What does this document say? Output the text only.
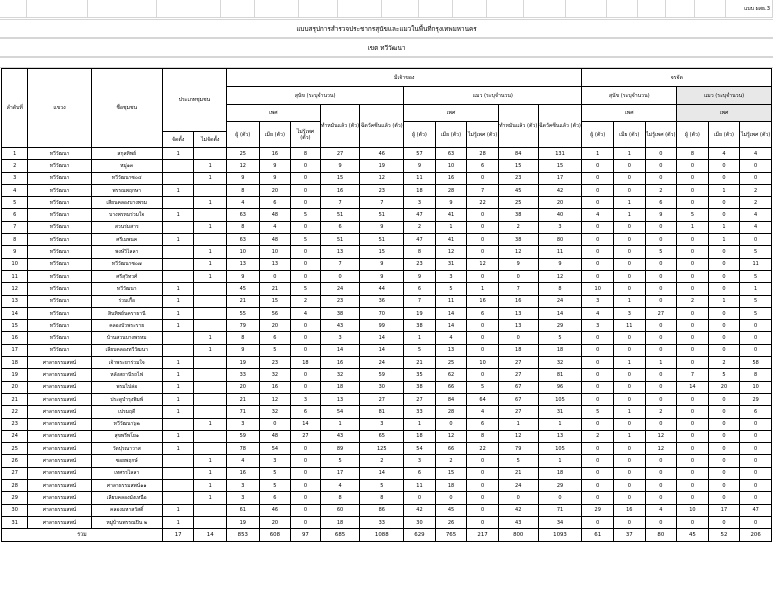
แบบ ผสธ.3
แบบสรุปการสำรวจประชากรสุนัขและแมวในพื้นที่กรุงเทพมหานคร
เขต ทวีวัฒนา
ลำดับที่	แขวง	ชื่อชุมชน	ประเภทชุมชน		มีเจ้าของ										จรจัด					
					สุนัข (ระบุจำนวน)					แมว (ระบุจำนวน)					สุนัข (ระบุจำนวน)			แมว (ระบุจำนวน)		
					เพศ			ทำหมันแล้ว (ตัว)	ฉีดวัคซีนแล้ว (ตัว)	เพศ			ทำหมันแล้ว (ตัว)	ฉีดวัคซีนแล้ว (ตัว)	เพศ			เพศ		
					ผู้ (ตัว)	เมีย (ตัว)	ไม่รู้เพศ (ตัว)			ผู้ (ตัว)	เมีย (ตัว)	ไม่รู้เพศ (ตัว)			ผู้ (ตัว)	เมีย (ตัว)	ไม่รู้เพศ (ตัว)	ผู้ (ตัว)	เมีย (ตัว)	ไม่รู้เพศ (ตัว)
			จัดตั้ง	ไม่จัดตั้ง																
1	ทวีวัฒนา	สกุลทิพย์	1		25	16	8	27	46	57	63	28	84	131	1	1	0	8	4	4
2	ทวีวัฒนา	หมู่๑๓		1	12	9	0	9	19	9	10	6	15	15	0	0	0	0	0	0
3	ทวีวัฒนา	ทวีวัฒนาซ๐๔		1	9	9	0	15	12	11	16	0	23	17	0	0	0	0	0	0
4	ทวีวัฒนา	พรรณพฤกษา	1		8	20	0	16	23	18	28	7	45	42	0	0	2	0	1	2
5	ทวีวัฒนา	เสียนคลองบางพรม		1	4	6	0	7	7	3	9	22	25	20	0	1	6	0	0	2
6	ทวีวัฒนา	บางพรหมร่วมใจ	1		63	48	5	51	51	47	41	0	38	40	4	1	9	5	0	4
7	ทวีวัฒนา	สวนร่มสาร		1	8	4	0	6	9	2	1	0	2	3	0	0	0	1	1	4
8	ทวีวัฒนา	ศรีเมพนค	1		63	48	5	51	51	47	41	0	38	80	0	0	0	0	1	0
9	ทวีวัฒนา	พงษ์วิไลลา		1	10	10	0	13	15	8	12	0	12	11	0	0	5	0	0	5
10	ทวีวัฒนา	ทวีวัฒนาซ๐๗		1	13	13	0	7	9	23	31	12	9	9	0	0	0	0	0	11
11	ทวีวัฒนา	ศรีสุวิทวศ์		1	9	0	0	0	9	9	3	0	0	12	0	0	0	0	0	5
12	ทวีวัฒนา	ทวีวัฒนา	1		45	21	5	24	44	6	5	1	7	8	10	0	0	0	0	1
13	ทวีวัฒนา	ร่วมเกื้อ	1		21	15	2	23	36	7	11	16	16	24	3	1	0	2	1	5
14	ทวีวัฒนา	สินทิพย์นคราธานี	1		55	56	4	38	70	19	14	6	13	14	4	3	27	0	0	5
15	ทวีวัฒนา	คลองบัวพระราย	1		79	20	0	43	99	38	14	0	13	29	3	11	0	0	0	0
16	ทวีวัฒนา	บ้านสวนบางพรหม		1	8	6	0	3	14	1	4	0	0	5	0	0	0	0	0	0
17	ทวีวัฒนา	เลียบคลองทวีวัฒนา		1	9	5	0	14	14	5	13	0	18	18	0	0	0	0	0	0
18	ศาลาธรรมสพน์	เจ้าพระยาร่วมใจ	1		19	23	18	16	24	21	25	10	27	32	0	1	1	0	2	58
19	ศาลาธรรมสพน์	หลังสถานีรถไฟ	1		33	32	0	32	59	35	62	0	27	81	0	0	0	7	5	8
20	ศาลาธรรมสพน์	พรมไปล่อ	1		20	16	0	18	30	38	66	5	67	96	0	0	0	14	20	10
21	ศาลาธรรมสพน์	ประดูบำรุงพิมพ์	1		21	12	3	13	27	27	84	64	67	105	0	0	0	0	0	29
22	ศาลาธรรมสพน์	เปรมฤดี	1		71	32	6	54	81	33	28	4	27	31	5	1	2	0	0	6
23	ศาลาธรรมสพน์	ทวีวัฒนา๖๒		1	3	0	14	1	3	1	0	6	1	1	0	0	0	0	0	0
24	ศาลาธรรมสพน์	สุขพรีพโย๑	1		59	48	27	43	65	18	12	8	12	13	2	1	12	0	0	0
25	ศาลาธรรมสพน์	วัดปุรณาวาส	1		78	54	0	89	125	54	66	22	79	105	0	0	12	0	0	0
26	ศาลาธรรมสพน์	ซอยพฤกษ์		1	4	3	0	5	2	3	2	0	5	1	0	0	0	0	0	0
27	ศาลาธรรมสพน์	เทศรรไลลา		1	16	5	0	17	14	6	15	0	21	18	0	0	0	0	0	0
28	ศาลาธรรมสพน์	ศาลาธรรมสพน์๑๑		1	3	5	0	4	5	11	18	0	24	29	0	0	0	0	0	0
29	ศาลาธรรมสพน์	เลียบคลองมังเหนือ		1	3	6	0	8	8	0	0	0	0	0	0	0	0	0	0	0
30	ศาลาธรรมสพน์	คลองมหาสวัสดิ์	1		61	46	0	60	86	42	45	0	42	71	29	16	4	10	17	47
31	ศาลาธรรมสพน์	หมู่บ้านพรรณปิน ๒	1		19	20	0	18	33	30	26	0	43	34	0	0	0	0	0	0
รวม			17	14	853	608	97	685	1088	629	765	217	800	1093	61	37	80	45	52	206
